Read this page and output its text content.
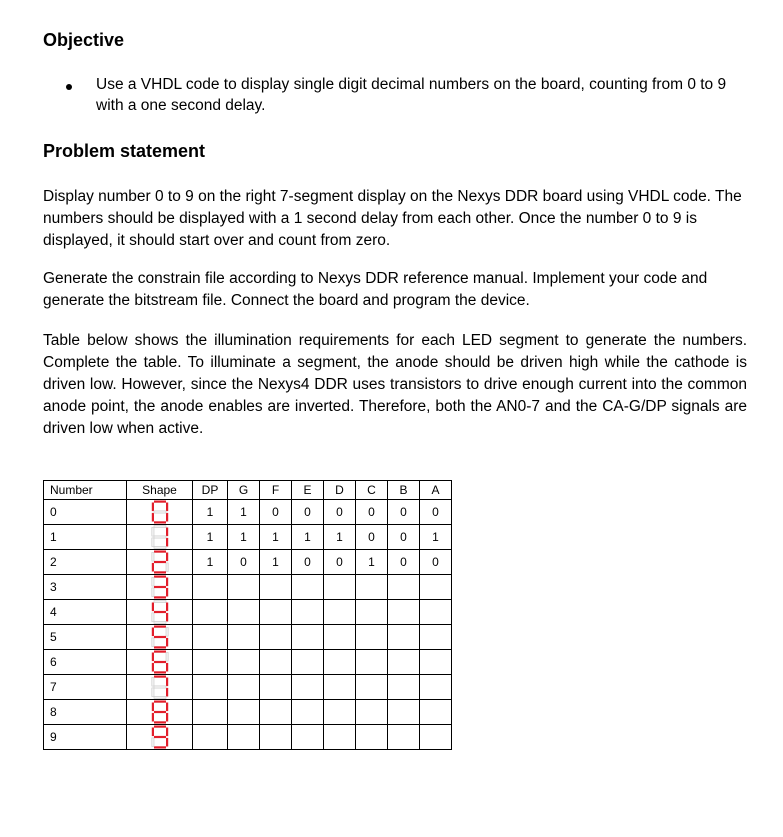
Objective
Use a VHDL code to display single digit decimal numbers on the board, counting from 0 to 9 with a one second delay.
Problem statement
Display number 0 to 9 on the right 7-segment display on the Nexys DDR board using VHDL code. The numbers should be displayed with a 1 second delay from each other. Once the number 0 to 9 is displayed, it should start over and count from zero.
Generate the constrain file according to Nexys DDR reference manual. Implement your code and generate the bitstream file. Connect the board and program the device.
Table below shows the illumination requirements for each LED segment to generate the numbers. Complete the table. To illuminate a segment, the anode should be driven high while the cathode is driven low. However, since the Nexys4 DDR uses transistors to drive enough current into the common anode point, the anode enables are inverted. Therefore, both the AN0-7 and the CA-G/DP signals are driven low when active.
Number	Shape	DP	G	F	E	D	C	B	A
0		1	1	0	0	0	0	0	0
1		1	1	1	1	1	0	0	1
2		1	0	1	0	0	1	0	0
3	

4	

5	

6	

7	

8	

9	
